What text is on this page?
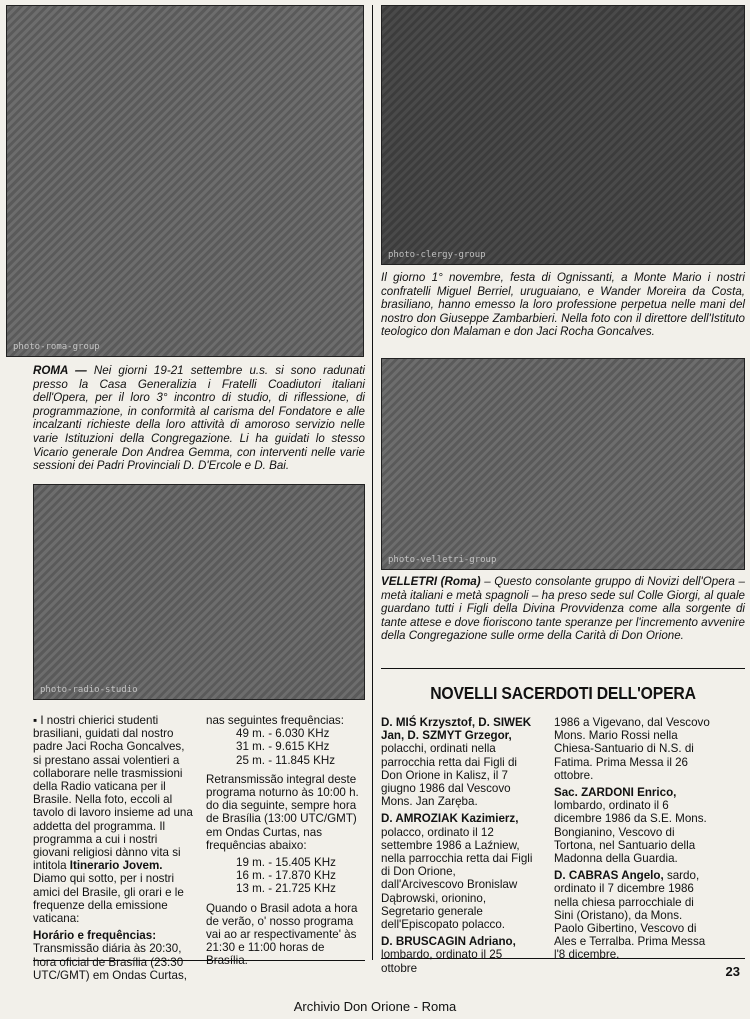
photo-roma-group
photo-clergy-group
photo-radio-studio
photo-velletri-group
ROMA — Nei giorni 19-21 settembre u.s. si sono radunati presso la Casa Generalizia i Fratelli Coadiutori italiani dell'Opera, per il loro 3° incontro di studio, di riflessione, di programmazione, in conformità al carisma del Fondatore e alle incalzanti richieste della loro attività di amoroso servizio nelle varie Istituzioni della Congregazione. Li ha guidati lo stesso Vicario generale Don Andrea Gemma, con interventi nelle varie sessioni dei Padri Provinciali D. D'Ercole e D. Bai.
Il giorno 1° novembre, festa di Ognissanti, a Monte Mario i nostri confratelli Miguel Berriel, uruguaiano, e Wander Moreira da Costa, brasiliano, hanno emesso la loro professione perpetua nelle mani del nostro don Giuseppe Zambarbieri. Nella foto con il direttore dell'Istituto teologico don Malaman e don Jaci Rocha Goncalves.
VELLETRI (Roma) – Questo consolante gruppo di Novizi dell'Opera – metà italiani e metà spagnoli – ha preso sede sul Colle Giorgi, al quale guardano tutti i Figli della Divina Provvidenza come alla sorgente di tante attese e dove fioriscono tante speranze per l'incremento avvenire della Congregazione sulle orme della Carità di Don Orione.

▪ I nostri chierici studenti brasiliani, guidati dal nostro padre Jaci Rocha Goncalves, si prestano assai volentieri a collaborare nelle trasmissioni della Radio vaticana per il Brasile. Nella foto, eccoli al tavolo di lavoro insieme ad una addetta del programma. Il programma a cui i nostri giovani religiosi dànno vita si intitola Itinerario Jovem. Diamo qui sotto, per i nostri amici del Brasile, gli orari e le frequenze della emissione vaticana:

Horário e frequências: Transmissão diária às 20:30, hora oficial de Brasília (23:30 UTC/GMT) em Ondas Curtas,

nas seguintes frequências:
49 m. - 6.030 KHz
31 m. - 9.615 KHz
25 m. - 11.845 KHz

Retransmissão integral deste programa noturno às 10:00 h. do dia seguinte, sempre hora de Brasília (13:00 UTC/GMT) em Ondas Curtas, nas frequências abaixo:

19 m. - 15.405 KHz
16 m. - 17.870 KHz
13 m. - 21.725 KHz

Quando o Brasil adota a hora de verão, o' nosso programa vai ao ar respectivamente' às 21:30 e 11:00 horas de Brasília.

NOVELLI SACERDOTI DELL'OPERA

D. MIŚ Krzysztof, D. SIWEK Jan, D. SZMYT Grzegor, polacchi, ordinati nella parrocchia retta dai Figli di Don Orione in Kalisz, il 7 giugno 1986 dal Vescovo Mons. Jan Zaręba.

D. AMROZIAK Kazimierz, polacco, ordinato il 12 settembre 1986 a Laźniew, nella parrocchia retta dai Figli di Don Orione, dall'Arcivescovo Bronislaw Dąbrowski, orionino, Segretario generale dell'Episcopato polacco.

D. BRUSCAGIN Adriano, lombardo, ordinato il 25 ottobre

1986 a Vigevano, dal Vescovo Mons. Mario Rossi nella Chiesa-Santuario di N.S. di Fatima. Prima Messa il 26 ottobre.

Sac. ZARDONI Enrico, lombardo, ordinato il 6 dicembre 1986 da S.E. Mons. Bongianino, Vescovo di Tortona, nel Santuario della Madonna della Guardia.

D. CABRAS Angelo, sardo, ordinato il 7 dicembre 1986 nella chiesa parrocchiale di Sini (Oristano), da Mons. Paolo Gibertino, Vescovo di Ales e Terralba. Prima Messa l'8 dicembre.

23
Archivio Don Orione - Roma
